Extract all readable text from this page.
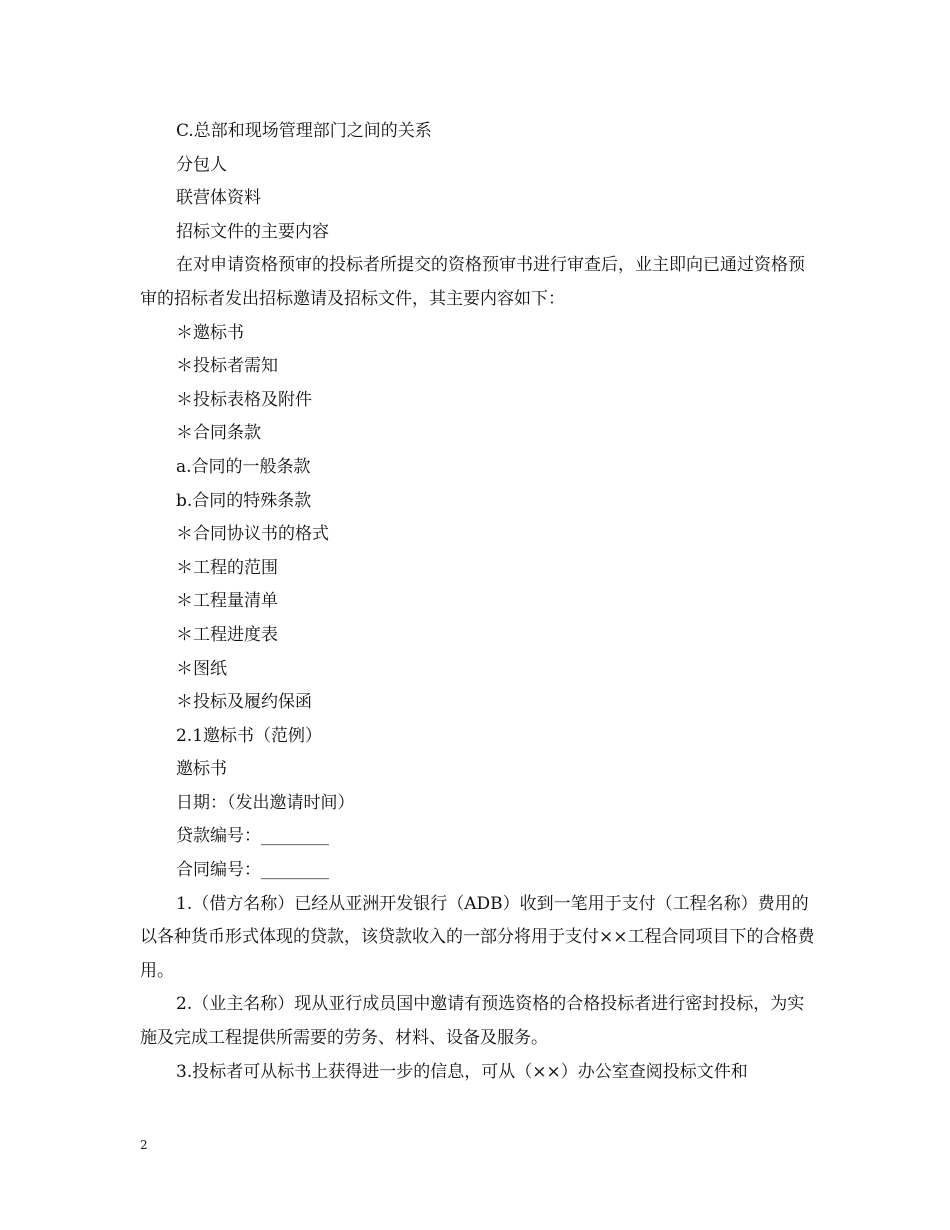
C.总部和现场管理部门之间的关系
分包人
联营体资料
招标文件的主要内容
在对申请资格预审的投标者所提交的资格预审书进行审查后，业主即向已通过资格预审的招标者发出招标邀请及招标文件，其主要内容如下：
＊邀标书
＊投标者需知
＊投标表格及附件
＊合同条款
a.合同的一般条款
b.合同的特殊条款
＊合同协议书的格式
＊工程的范围
＊工程量清单
＊工程进度表
＊图纸
＊投标及履约保函
2.1邀标书（范例）
邀标书
日期：（发出邀请时间）
贷款编号：________
合同编号：________
1.（借方名称）已经从亚洲开发银行（ADB）收到一笔用于支付（工程名称）费用的以各种货币形式体现的贷款，该贷款收入的一部分将用于支付××工程合同项目下的合格费用。
2.（业主名称）现从亚行成员国中邀请有预选资格的合格投标者进行密封投标，为实施及完成工程提供所需要的劳务、材料、设备及服务。
3.投标者可从标书上获得进一步的信息，可从（××）办公室查阅投标文件和
2
